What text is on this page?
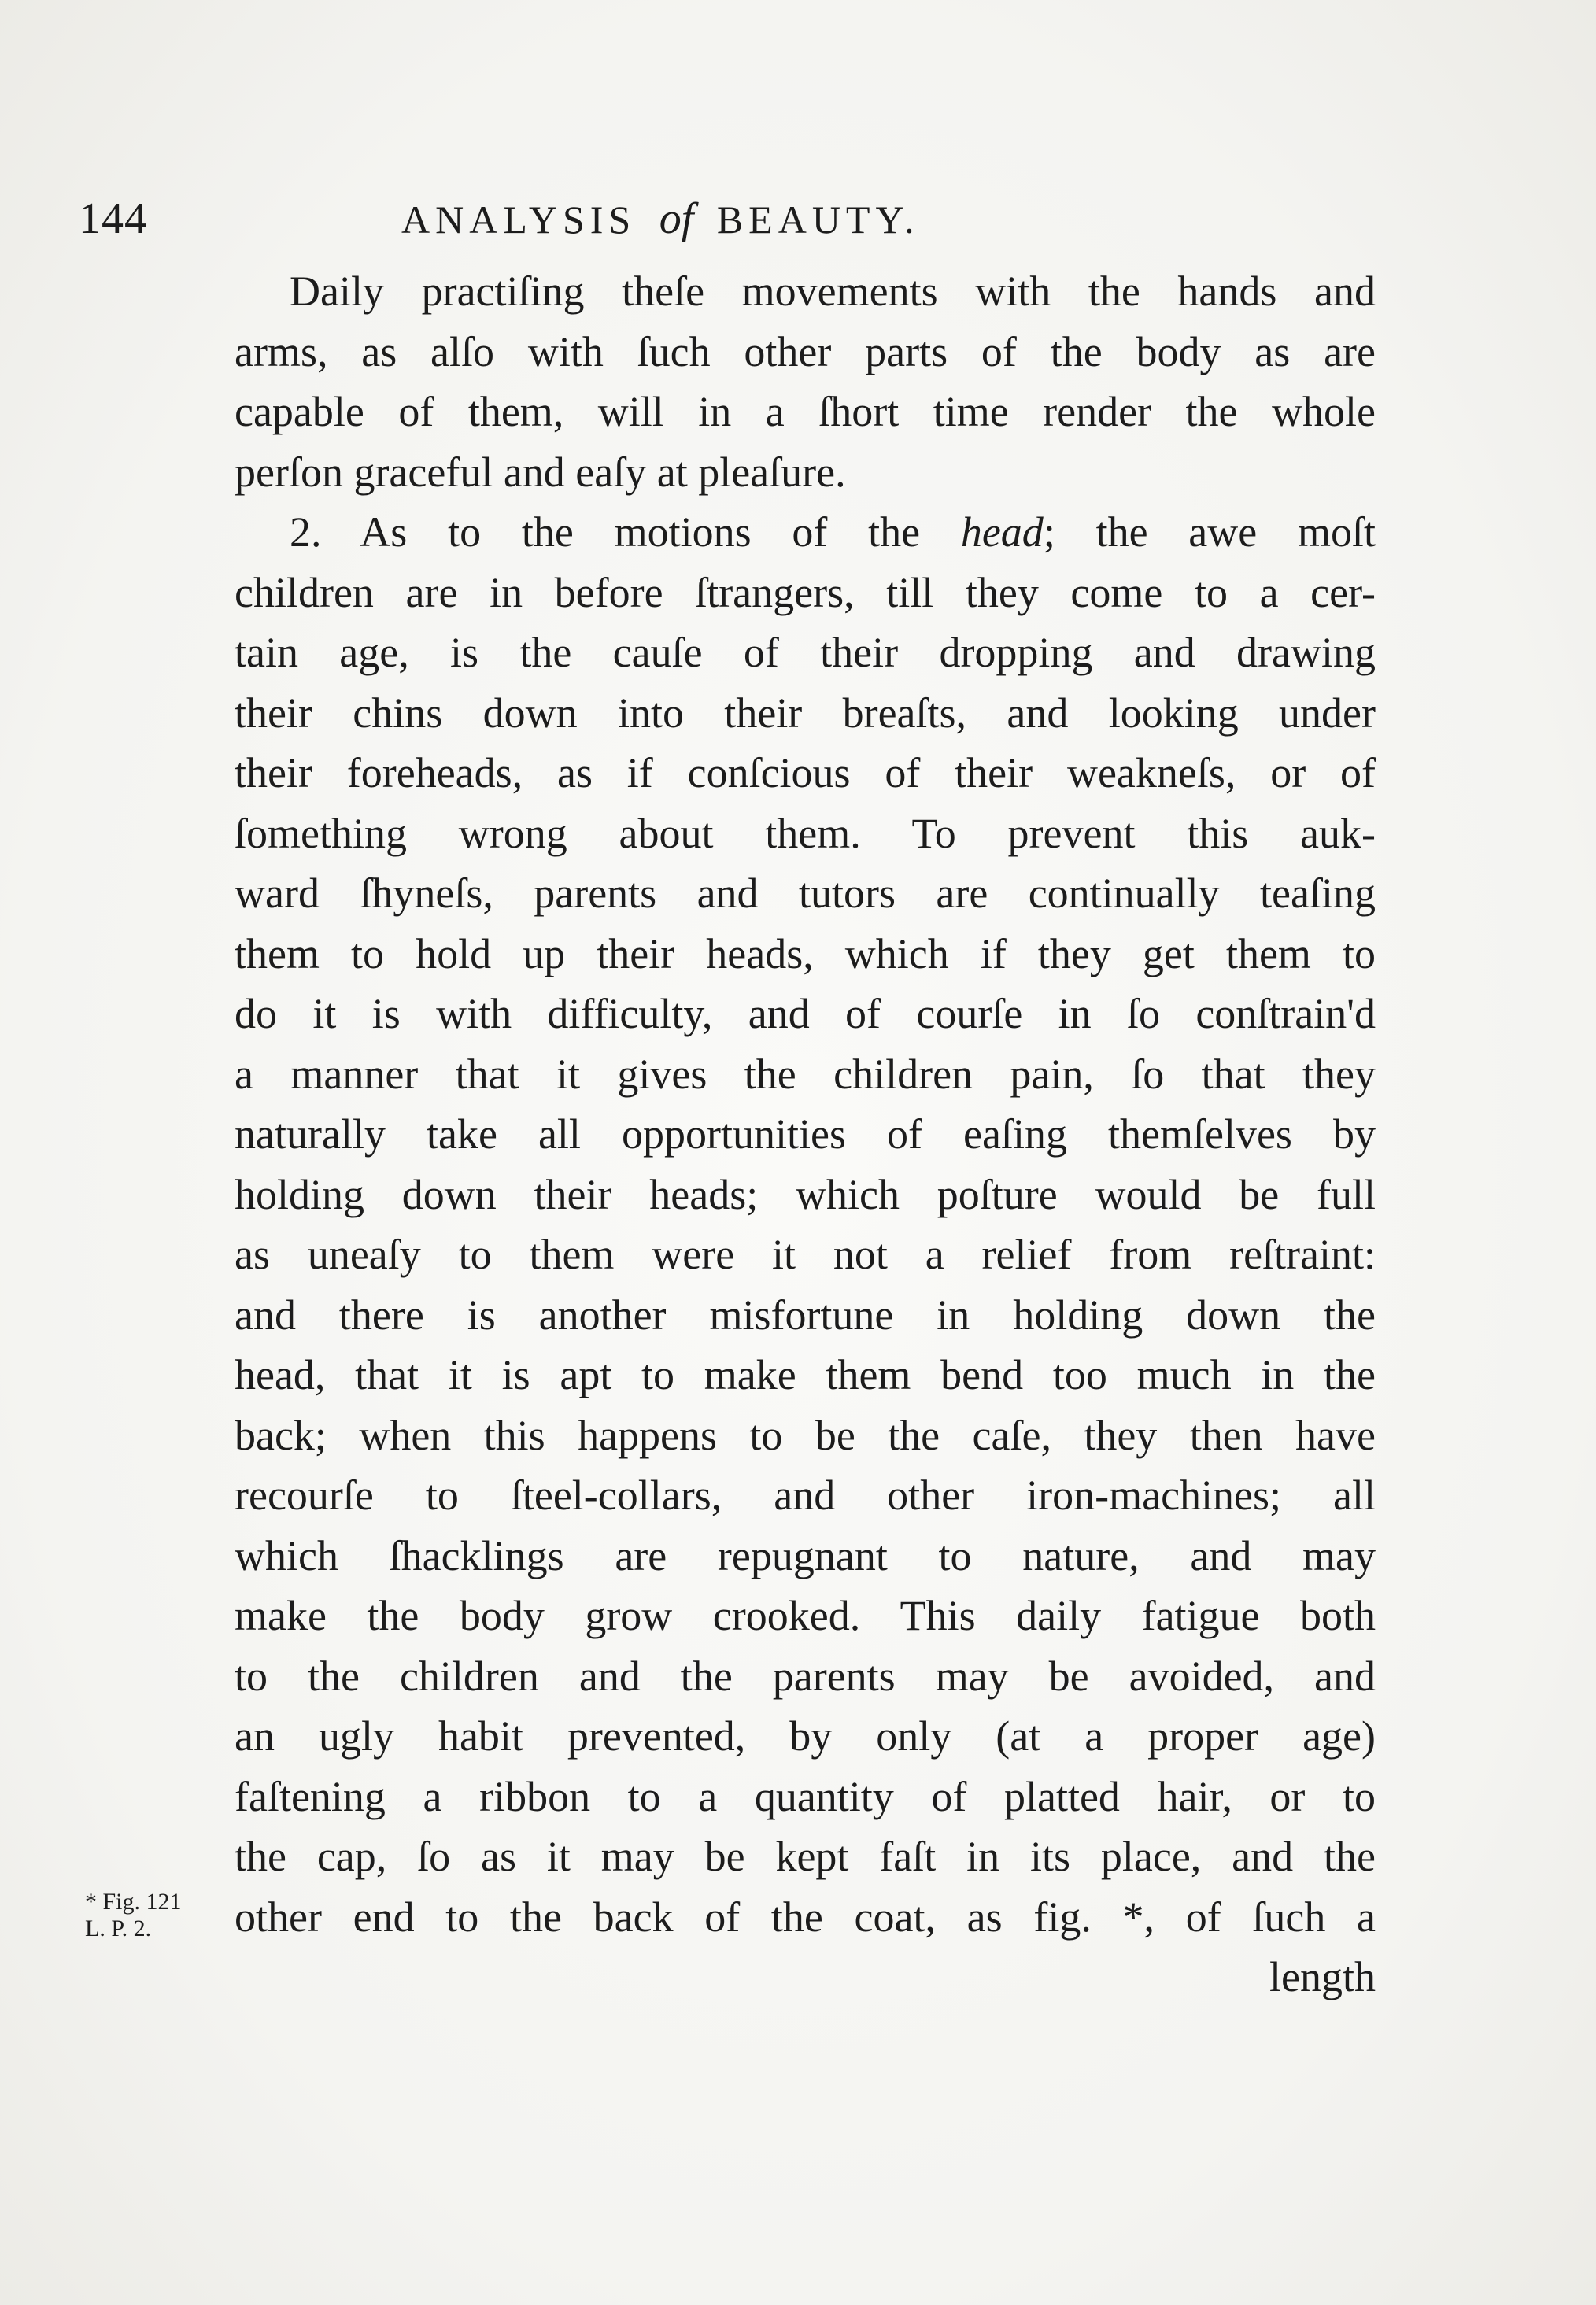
144	ANALYSIS of BEAUTY.
Daily practiſing theſe movements with the hands and
arms, as alſo with ſuch other parts of the body as are
capable of them, will in a ſhort time render the whole
perſon graceful and eaſy at pleaſure.
2. As to the motions of the head; the awe moſt
children are in before ſtrangers, till they come to a cer-
tain age, is the cauſe of their dropping and drawing
their chins down into their breaſts, and looking under
their foreheads, as if conſcious of their weakneſs, or of
ſomething wrong about them. To prevent this auk-
ward ſhyneſs, parents and tutors are continually teaſing
them to hold up their heads, which if they get them to
do it is with difficulty, and of courſe in ſo conſtrain'd
a manner that it gives the children pain, ſo that they
naturally take all opportunities of eaſing themſelves by
holding down their heads; which poſture would be full
as uneaſy to them were it not a relief from reſtraint:
and there is another misfortune in holding down the
head, that it is apt to make them bend too much in the
back; when this happens to be the caſe, they then have
recourſe to ſteel-collars, and other iron-machines; all
which ſhacklings are repugnant to nature, and may
make the body grow crooked. This daily fatigue both
to the children and the parents may be avoided, and
an ugly habit prevented, by only (at a proper age)
faſtening a ribbon to a quantity of platted hair, or to
the cap, ſo as it may be kept faſt in its place, and the
other end to the back of the coat, as fig. *, of ſuch a
length
* Fig. 121
L. P. 2.
